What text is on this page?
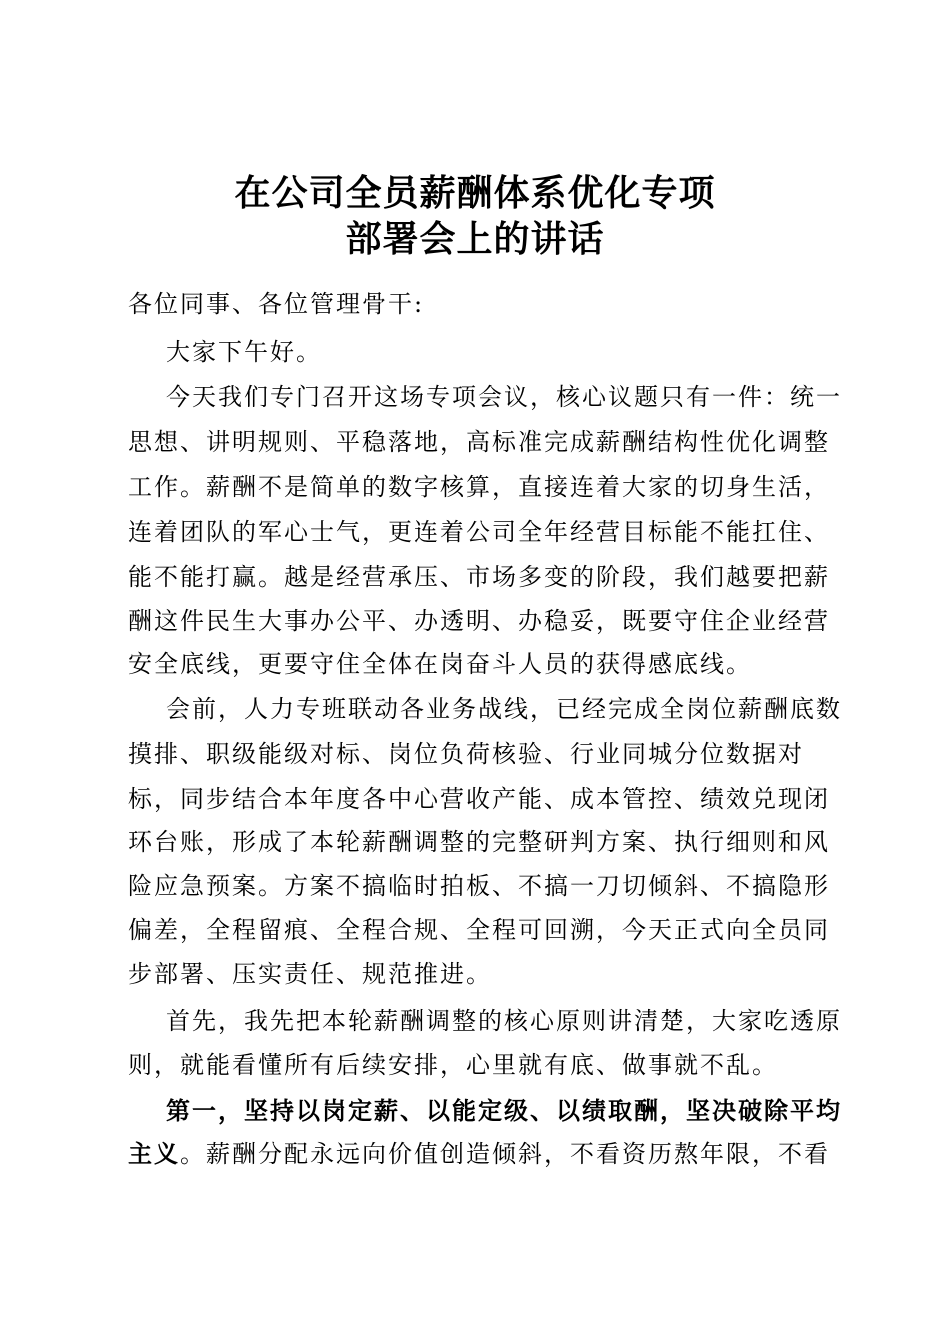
在公司全员薪酬体系优化专项
部署会上的讲话
各位同事、各位管理骨干:
大家下午好。
今天我们专门召开这场专项会议，核心议题只有一件：统一
思想、讲明规则、平稳落地，高标准完成薪酬结构性优化调整
工作。薪酬不是简单的数字核算，直接连着大家的切身生活，
连着团队的军心士气，更连着公司全年经营目标能不能扛住、
能不能打赢。越是经营承压、市场多变的阶段，我们越要把薪
酬这件民生大事办公平、办透明、办稳妥，既要守住企业经营
安全底线，更要守住全体在岗奋斗人员的获得感底线。
会前，人力专班联动各业务战线，已经完成全岗位薪酬底数
摸排、职级能级对标、岗位负荷核验、行业同城分位数据对
标，同步结合本年度各中心营收产能、成本管控、绩效兑现闭
环台账，形成了本轮薪酬调整的完整研判方案、执行细则和风
险应急预案。方案不搞临时拍板、不搞一刀切倾斜、不搞隐形
偏差，全程留痕、全程合规、全程可回溯，今天正式向全员同
步部署、压实责任、规范推进。
首先，我先把本轮薪酬调整的核心原则讲清楚，大家吃透原
则，就能看懂所有后续安排，心里就有底、做事就不乱。
第一，坚持以岗定薪、以能定级、以绩取酬，坚决破除平均
主义。薪酬分配永远向价值创造倾斜，不看资历熬年限，不看
